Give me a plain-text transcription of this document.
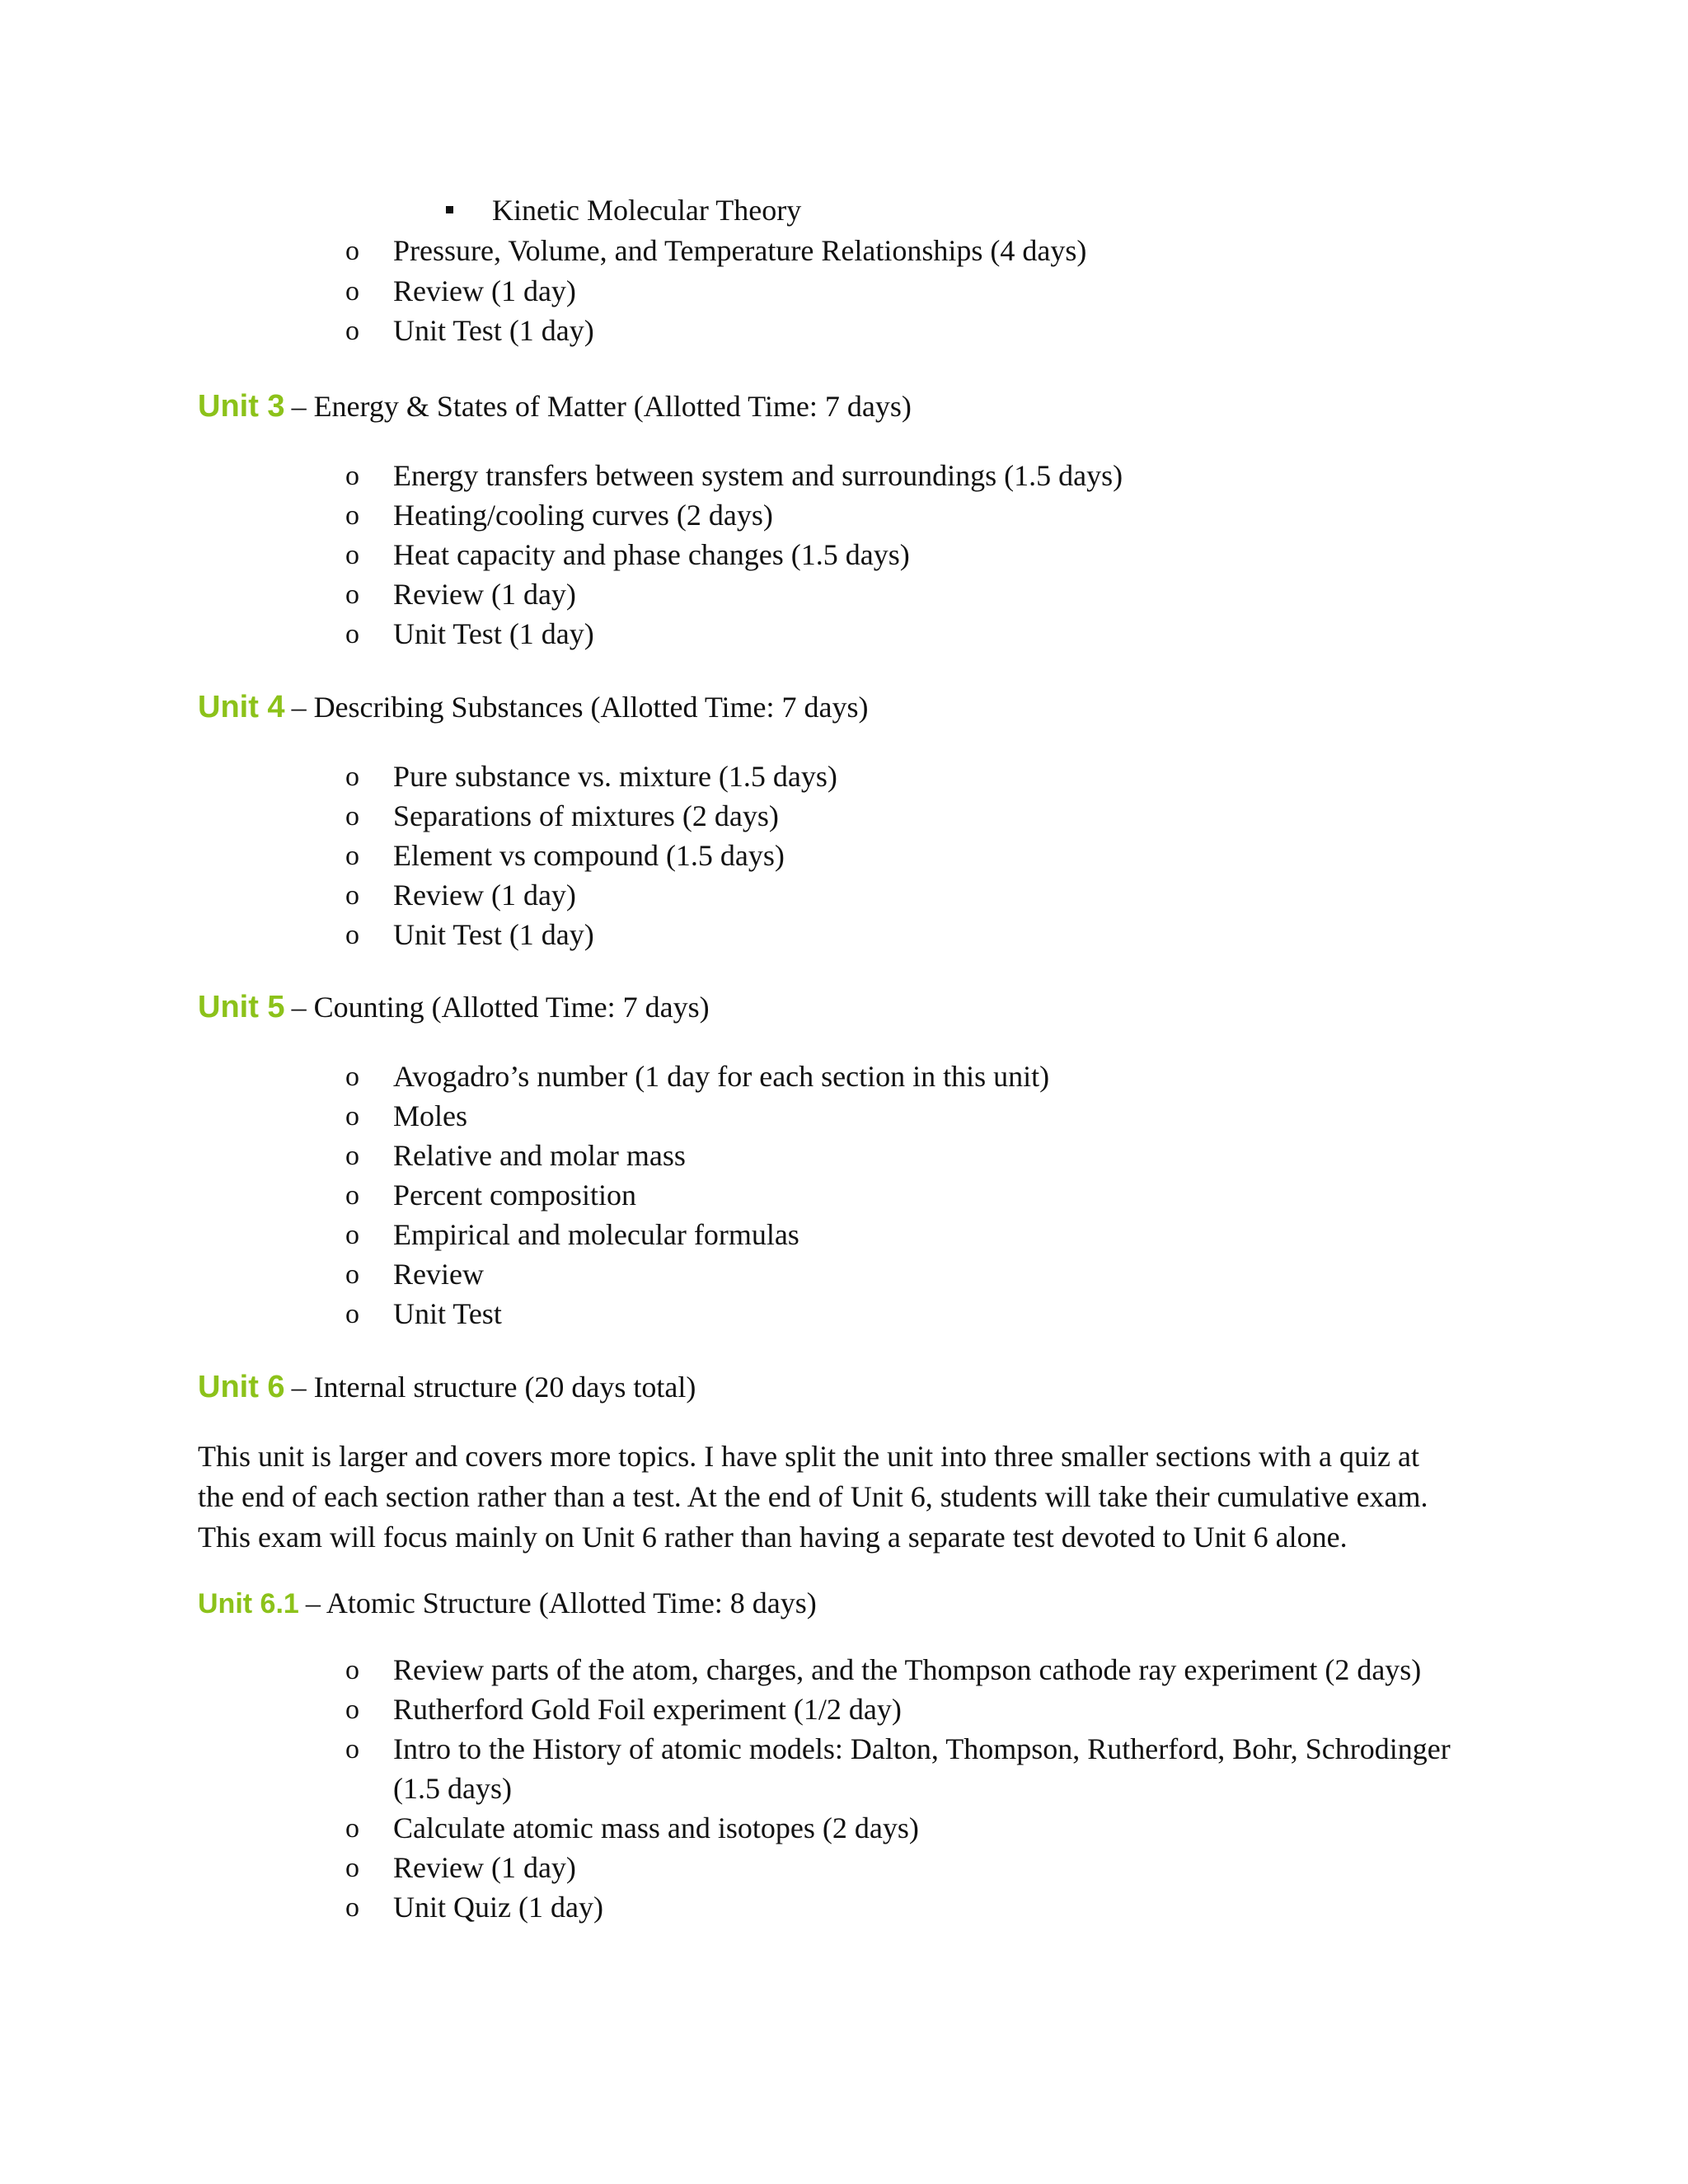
Kinetic Molecular Theory
o Pressure, Volume, and Temperature Relationships (4 days)
o Review (1 day)
o Unit Test (1 day)
Unit 3 – Energy & States of Matter (Allotted Time: 7 days)
o Energy transfers between system and surroundings (1.5 days)
o Heating/cooling curves (2 days)
o Heat capacity and phase changes (1.5 days)
o Review (1 day)
o Unit Test (1 day)
Unit 4 – Describing Substances (Allotted Time: 7 days)
o Pure substance vs. mixture (1.5 days)
o Separations of mixtures (2 days)
o Element vs compound (1.5 days)
o Review (1 day)
o Unit Test (1 day)
Unit 5 – Counting (Allotted Time: 7 days)
o Avogadro’s number (1 day for each section in this unit)
o Moles
o Relative and molar mass
o Percent composition
o Empirical and molecular formulas
o Review
o Unit Test
Unit 6 – Internal structure (20 days total)
This unit is larger and covers more topics. I have split the unit into three smaller sections with a quiz at
the end of each section rather than a test. At the end of Unit 6, students will take their cumulative exam.
This exam will focus mainly on Unit 6 rather than having a separate test devoted to Unit 6 alone.
Unit 6.1 – Atomic Structure (Allotted Time: 8 days)
o Review parts of the atom, charges, and the Thompson cathode ray experiment (2 days)
o Rutherford Gold Foil experiment (1/2 day)
o Intro to the History of atomic models: Dalton, Thompson, Rutherford, Bohr, Schrodinger
(1.5 days)
o Calculate atomic mass and isotopes (2 days)
o Review (1 day)
o Unit Quiz (1 day)
